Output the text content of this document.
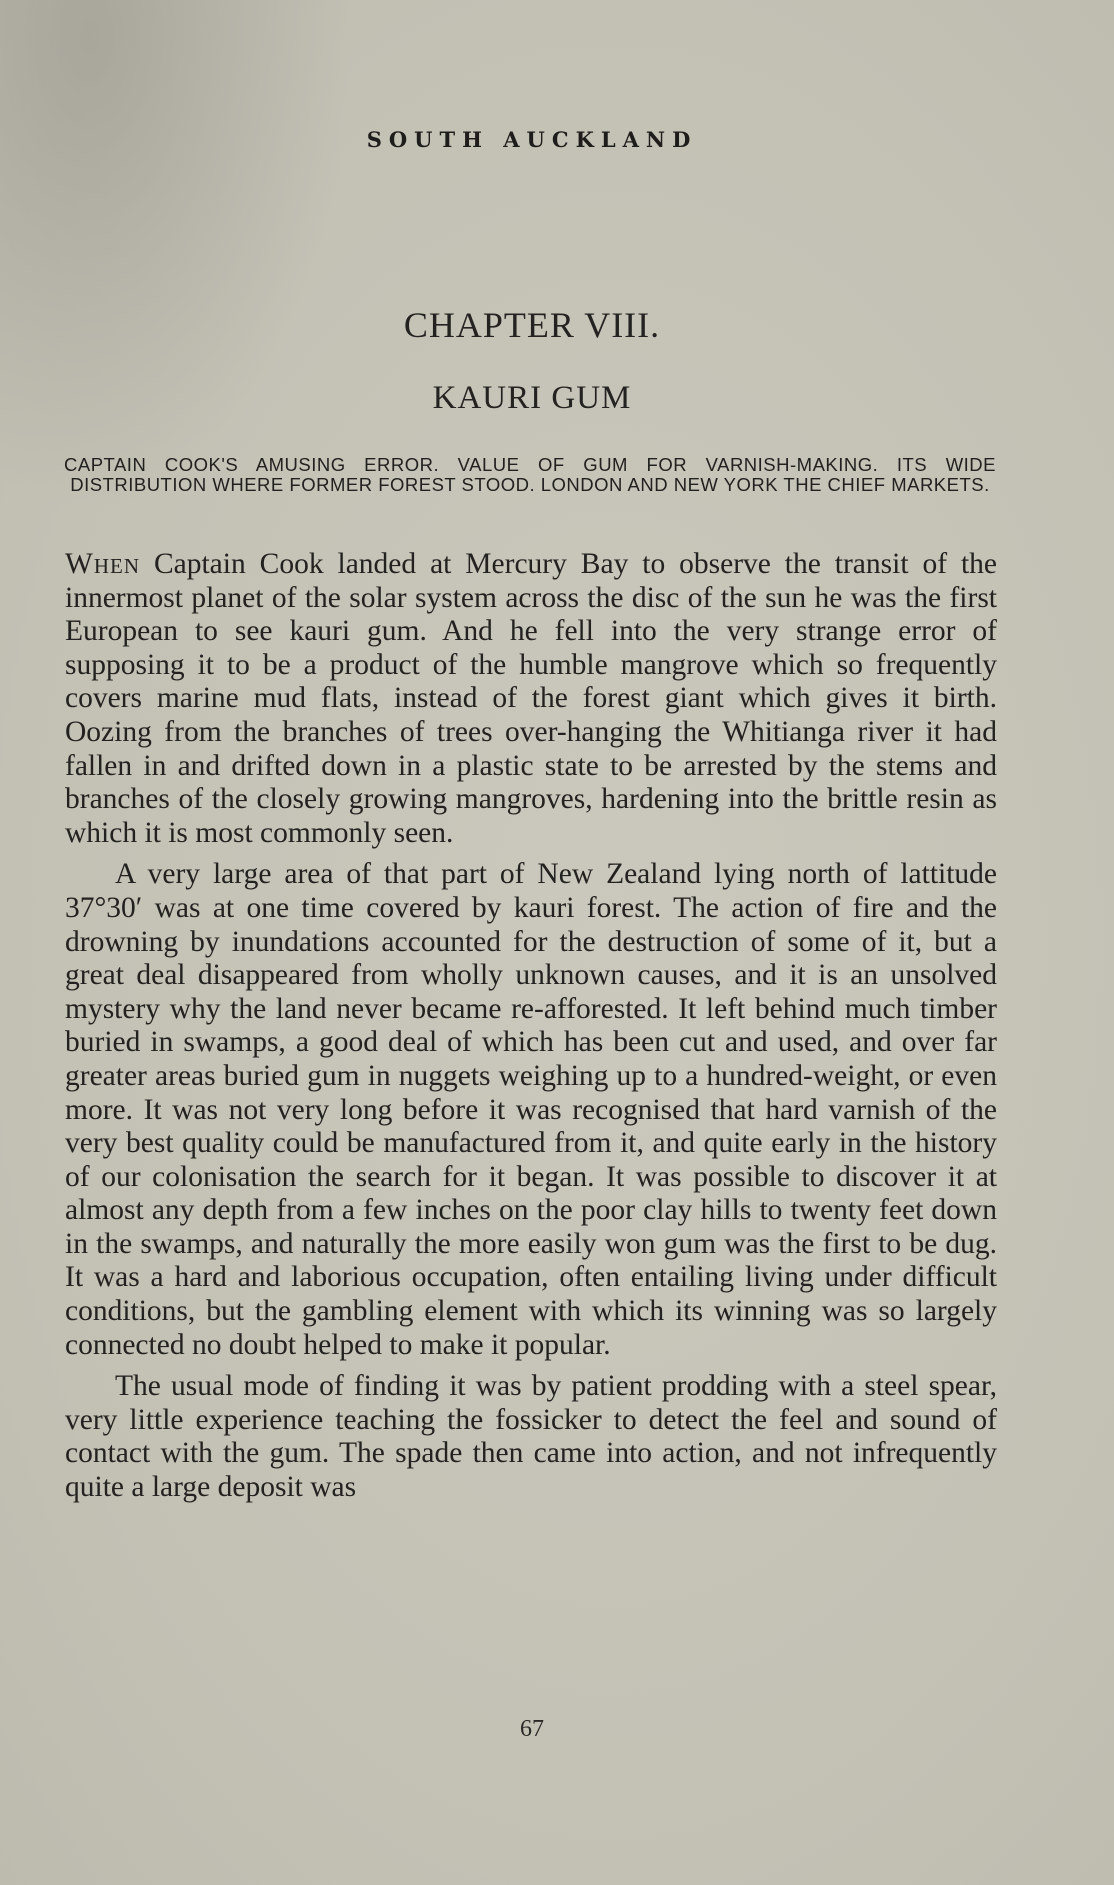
SOUTH AUCKLAND
CHAPTER VIII.
KAURI GUM
CAPTAIN COOK'S AMUSING ERROR. VALUE OF GUM FOR VARNISH-MAKING. ITS WIDE DISTRIBUTION WHERE FORMER FOREST STOOD. LONDON AND NEW YORK THE CHIEF MARKETS.

When Captain Cook landed at Mercury Bay to observe the transit of the innermost planet of the solar system across the disc of the sun he was the first European to see kauri gum. And he fell into the very strange error of supposing it to be a product of the humble mangrove which so frequently covers marine mud flats, instead of the forest giant which gives it birth. Oozing from the branches of trees over-hanging the Whitianga river it had fallen in and drifted down in a plastic state to be arrested by the stems and branches of the closely growing mangroves, hardening into the brittle resin as which it is most commonly seen.

A very large area of that part of New Zealand lying north of lattitude 37°30′ was at one time covered by kauri forest. The action of fire and the drowning by inundations accounted for the destruction of some of it, but a great deal disappeared from wholly unknown causes, and it is an unsolved mystery why the land never became re-afforested. It left behind much timber buried in swamps, a good deal of which has been cut and used, and over far greater areas buried gum in nuggets weighing up to a hundred-weight, or even more. It was not very long before it was recognised that hard varnish of the very best quality could be manufactured from it, and quite early in the history of our colonisation the search for it began. It was possible to discover it at almost any depth from a few inches on the poor clay hills to twenty feet down in the swamps, and naturally the more easily won gum was the first to be dug. It was a hard and laborious occupation, often entailing living under difficult conditions, but the gambling element with which its winning was so largely connected no doubt helped to make it popular.

The usual mode of finding it was by patient prodding with a steel spear, very little experience teaching the fossicker to detect the feel and sound of contact with the gum. The spade then came into action, and not infrequently quite a large deposit was

67
